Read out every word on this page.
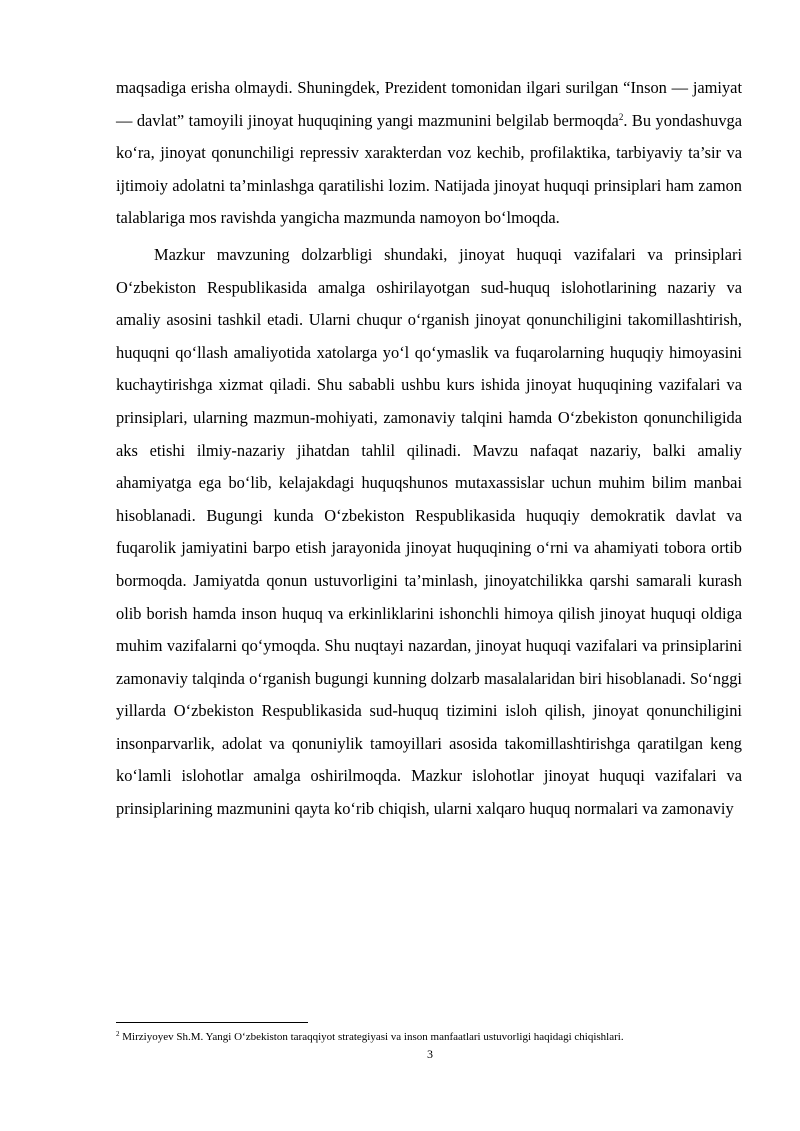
maqsadiga erisha olmaydi. Shuningdek, Prezident tomonidan ilgari surilgan “Inson — jamiyat — davlat” tamoyili jinoyat huquqining yangi mazmunini belgilab bermoqda$^2$. Bu yondashuvga ko‘ra, jinoyat qonunchiligi repressiv xarakterdan voz kechib, profilaktika, tarbiyaviy ta’sir va ijtimoiy adolatni ta’minlashga qaratilishi lozim. Natijada jinoyat huquqi prinsiplari ham zamon talablariga mos ravishda yangicha mazmunda namoyon bo‘lmoqda.

Mazkur mavzuning dolzarbligi shundaki, jinoyat huquqi vazifalari va prinsiplari O‘zbekiston Respublikasida amalga oshirilayotgan sud-huquq islohotlarining nazariy va amaliy asosini tashkil etadi. Ularni chuqur o‘rganish jinoyat qonunchiligini takomillashtirish, huquqni qo‘llash amaliyotida xatolarga yo‘l qo‘ymaslik va fuqarolarning huquqiy himoyasini kuchaytirishga xizmat qiladi. Shu sababli ushbu kurs ishida jinoyat huquqining vazifalari va prinsiplari, ularning mazmun-mohiyati, zamonaviy talqini hamda O‘zbekiston qonunchiligida aks etishi ilmiy-nazariy jihatdan tahlil qilinadi. Mavzu nafaqat nazariy, balki amaliy ahamiyatga ega bo‘lib, kelajakdagi huquqshunos mutaxassislar uchun muhim bilim manbai hisoblanadi. Bugungi kunda O‘zbekiston Respublikasida huquqiy demokratik davlat va fuqarolik jamiyatini barpo etish jarayonida jinoyat huquqining o‘rni va ahamiyati tobora ortib bormoqda. Jamiyatda qonun ustuvorligini ta’minlash, jinoyatchilikka qarshi samarali kurash olib borish hamda inson huquq va erkinliklarini ishonchli himoya qilish jinoyat huquqi oldiga muhim vazifalarni qo‘ymoqda. Shu nuqtayi nazardan, jinoyat huquqi vazifalari va prinsiplarini zamonaviy talqinda o‘rganish bugungi kunning dolzarb masalalaridan biri hisoblanadi. So‘nggi yillarda O‘zbekiston Respublikasida sud-huquq tizimini isloh qilish, jinoyat qonunchiligini insonparvarlik, adolat va qonuniylik tamoyillari asosida takomillashtirishga qaratilgan keng ko‘lamli islohotlar amalga oshirilmoqda. Mazkur islohotlar jinoyat huquqi vazifalari va prinsiplarining mazmunini qayta ko‘rib chiqish, ularni xalqaro huquq normalari va zamonaviy

$^2$ Mirziyoyev Sh.M. Yangi O‘zbekiston taraqqiyot strategiyasi va inson manfaatlari ustuvorligi haqidagi chiqishlari.
3
